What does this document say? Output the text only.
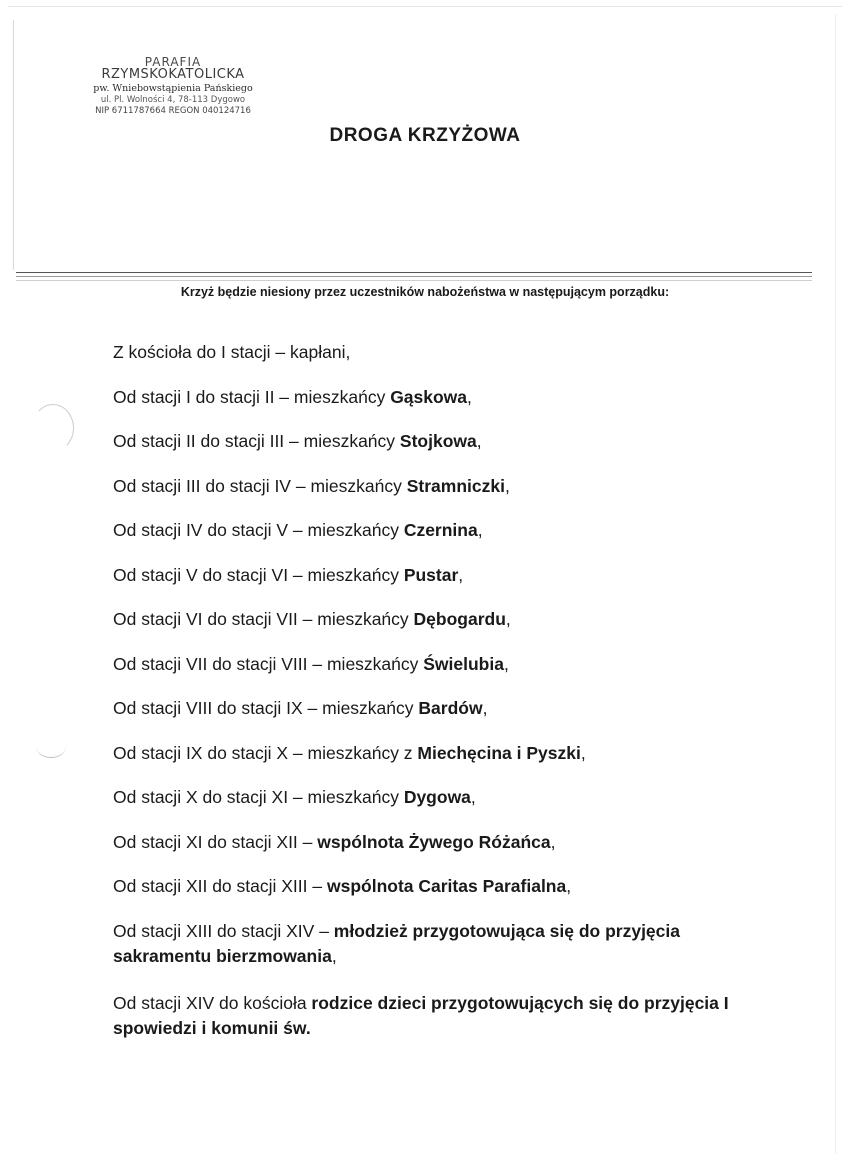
PARAFIA
RZYMSKOKATOLICKA
pw. Wniebowstąpienia Pańskiego
ul. Pl. Wolności 4, 78-113 Dygowo
NIP 6711787664 REGON 040124716
DROGA KRZYŻOWA
Krzyż będzie niesiony przez uczestników nabożeństwa w następującym porządku:
Z kościoła do I stacji – kapłani,
Od stacji I do stacji II – mieszkańcy Gąskowa,
Od stacji II do stacji III – mieszkańcy Stojkowa,
Od stacji III do stacji IV – mieszkańcy Stramniczki,
Od stacji IV do stacji V – mieszkańcy Czernina,
Od stacji V do stacji VI – mieszkańcy Pustar,
Od stacji VI do stacji VII – mieszkańcy Dębogardu,
Od stacji VII do stacji VIII – mieszkańcy Świelubia,
Od stacji VIII do stacji IX – mieszkańcy Bardów,
Od stacji IX do stacji X – mieszkańcy z Miechęcina i Pyszki,
Od stacji X do stacji XI – mieszkańcy Dygowa,
Od stacji XI do stacji XII – wspólnota Żywego Różańca,
Od stacji XII do stacji XIII – wspólnota Caritas Parafialna,
Od stacji XIII do stacji XIV – młodzież przygotowująca się do przyjęcia sakramentu bierzmowania,
Od stacji XIV do kościoła rodzice dzieci przygotowujących się do przyjęcia I spowiedzi i komunii św.
